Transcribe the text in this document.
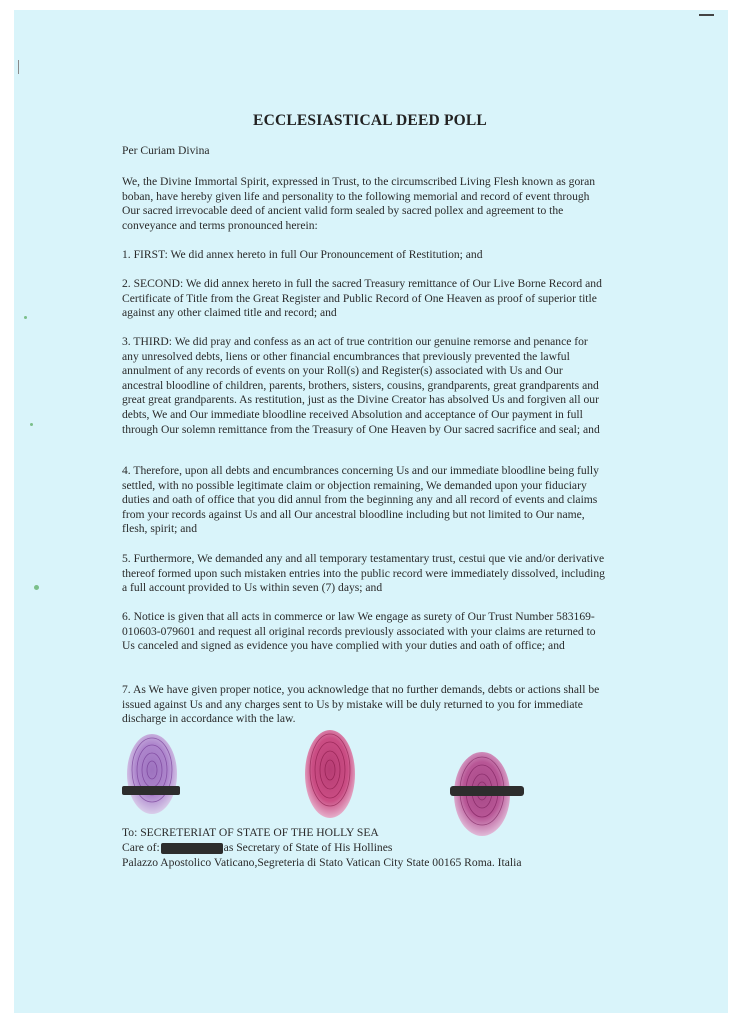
ECCLESIASTICAL DEED POLL
Per Curiam Divina
We, the Divine Immortal Spirit, expressed in Trust, to the circumscribed Living Flesh known as goran boban, have hereby given life and personality to the following memorial and record of event through Our sacred irrevocable deed of ancient valid form sealed by sacred pollex and agreement to the conveyance and terms pronounced herein:
1. FIRST: We did annex hereto in full Our Pronouncement of Restitution; and
2. SECOND: We did annex hereto in full the sacred Treasury remittance of Our Live Borne Record and Certificate of Title from the Great Register and Public Record of One Heaven as proof of superior title against any other claimed title and record; and
3. THIRD: We did pray and confess as an act of true contrition our genuine remorse and penance for any unresolved debts, liens or other financial encumbrances that previously prevented the lawful annulment of any records of events on your Roll(s) and Register(s) associated with Us and Our ancestral bloodline of children, parents, brothers, sisters, cousins, grandparents, great grandparents and great great grandparents. As restitution, just as the Divine Creator has absolved Us and forgiven all our debts, We and Our immediate bloodline received Absolution and acceptance of Our payment in full through Our solemn remittance from the Treasury of One Heaven by Our sacred sacrifice and seal; and
4. Therefore, upon all debts and encumbrances concerning Us and our immediate bloodline being fully settled, with no possible legitimate claim or objection remaining, We demanded upon your fiduciary duties and oath of office that you did annul from the beginning any and all record of events and claims from your records against Us and all Our ancestral bloodline including but not limited to Our name, flesh, spirit; and
5. Furthermore, We demanded any and all temporary testamentary trust, cestui que vie and/or derivative thereof formed upon such mistaken entries into the public record were immediately dissolved, including a full account provided to Us within seven (7) days; and
6. Notice is given that all acts in commerce or law We engage as surety of Our Trust Number 583169-010603-079601 and request all original records previously associated with your claims are returned to Us canceled and signed as evidence you have complied with your duties and oath of office; and
7. As We have given proper notice, you acknowledge that no further demands, debts or actions shall be issued against Us and any charges sent to Us by mistake will be duly returned to you for immediate discharge in accordance with the law.
To: SECRETERIAT OF STATE OF THE HOLLY SEA
Care of:	as Secretary of State of His Hollines
Palazzo Apostolico Vaticano,Segreteria di Stato Vatican City State 00165 Roma. Italia
